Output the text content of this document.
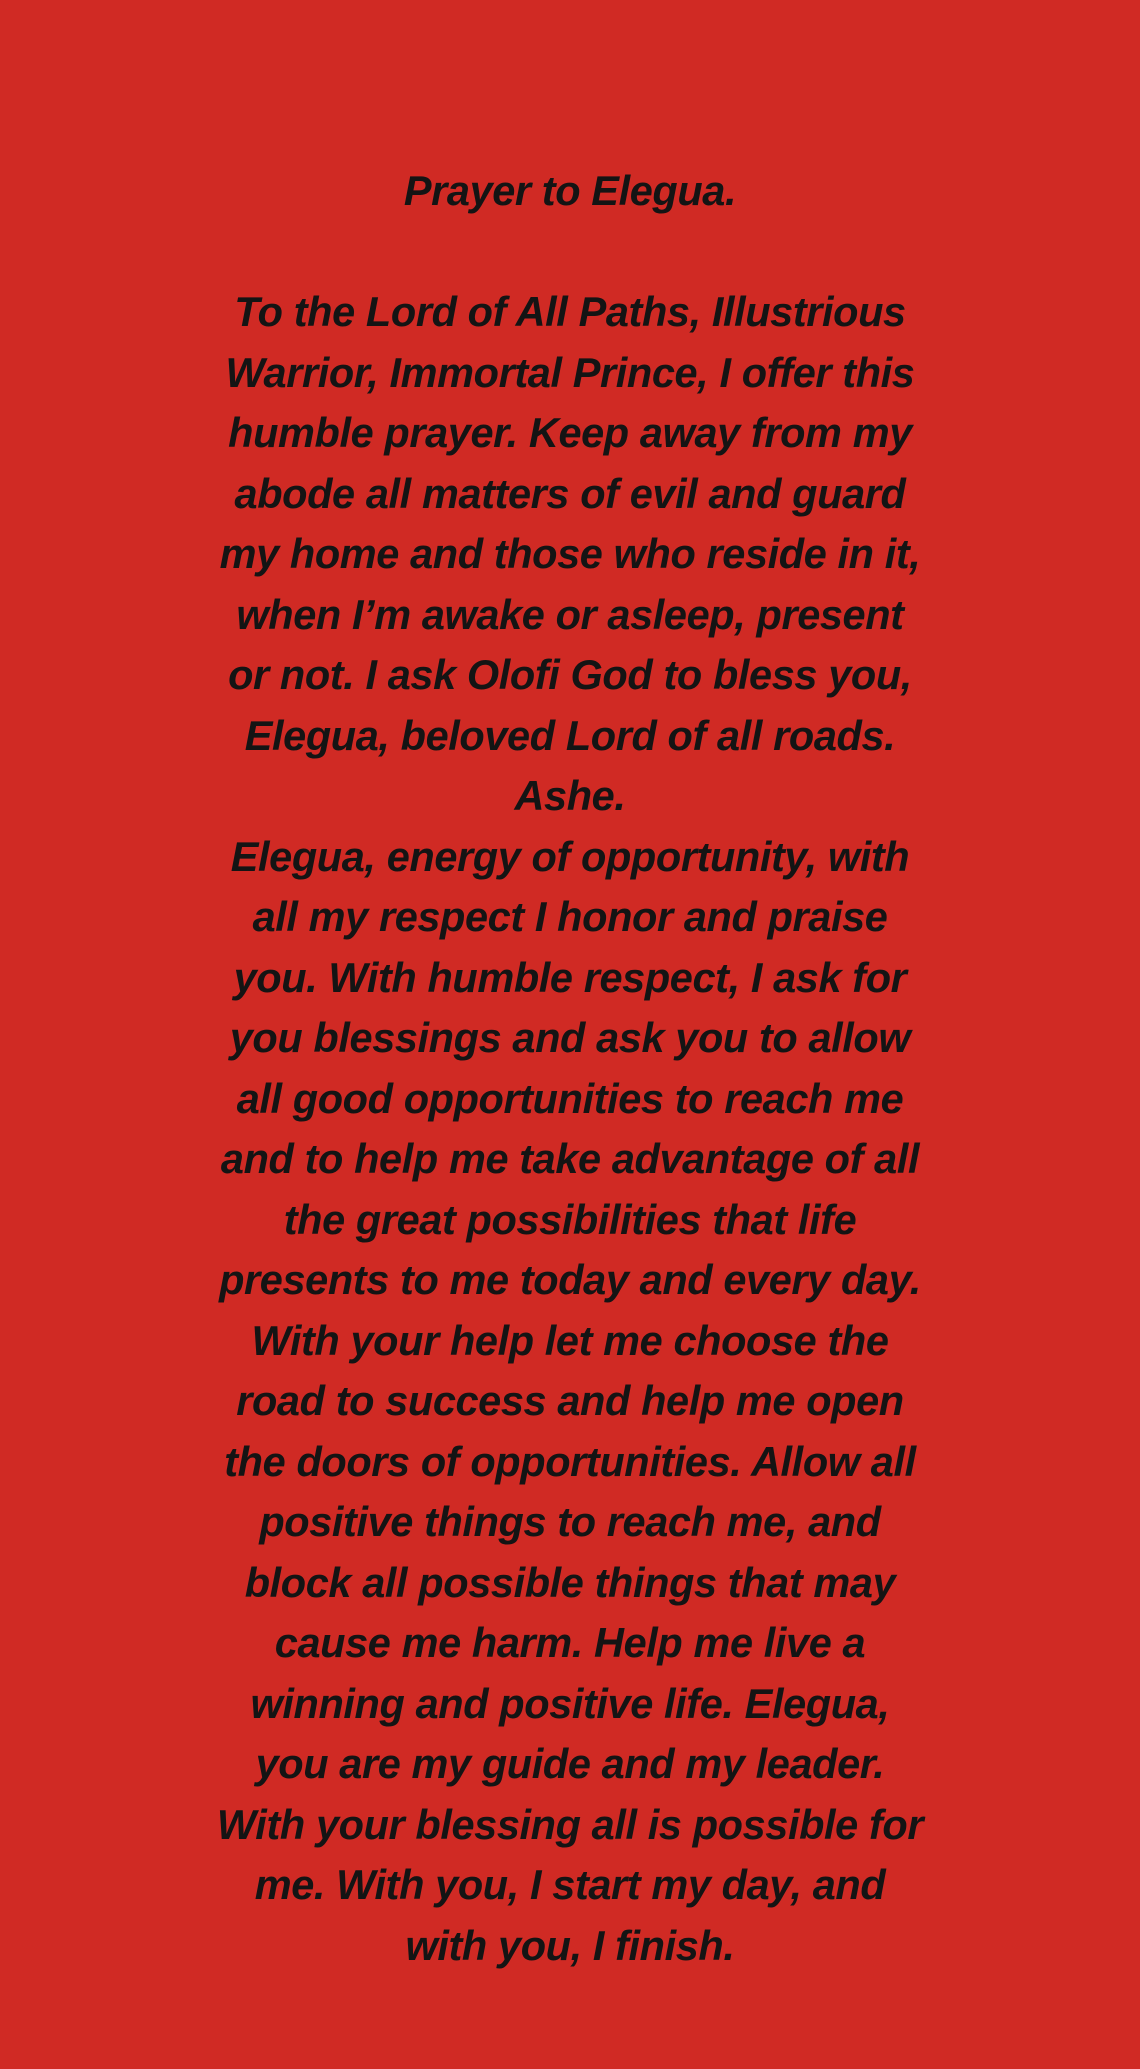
Prayer to Elegua.
To the Lord of All Paths, Illustrious
Warrior, Immortal Prince, I offer this
humble prayer. Keep away from my
abode all matters of evil and guard
my home and those who reside in it,
when I’m awake or asleep, present
or not. I ask Olofi God to bless you,
Elegua, beloved Lord of all roads.
Ashe.
Elegua, energy of opportunity, with
all my respect I honor and praise
you. With humble respect, I ask for
you blessings and ask you to allow
all good opportunities to reach me
and to help me take advantage of all
the great possibilities that life
presents to me today and every day.
With your help let me choose the
road to success and help me open
the doors of opportunities. Allow all
positive things to reach me, and
block all possible things that may
cause me harm. Help me live a
winning and positive life. Elegua,
you are my guide and my leader.
With your blessing all is possible for
me. With you, I start my day, and
with you, I finish.
